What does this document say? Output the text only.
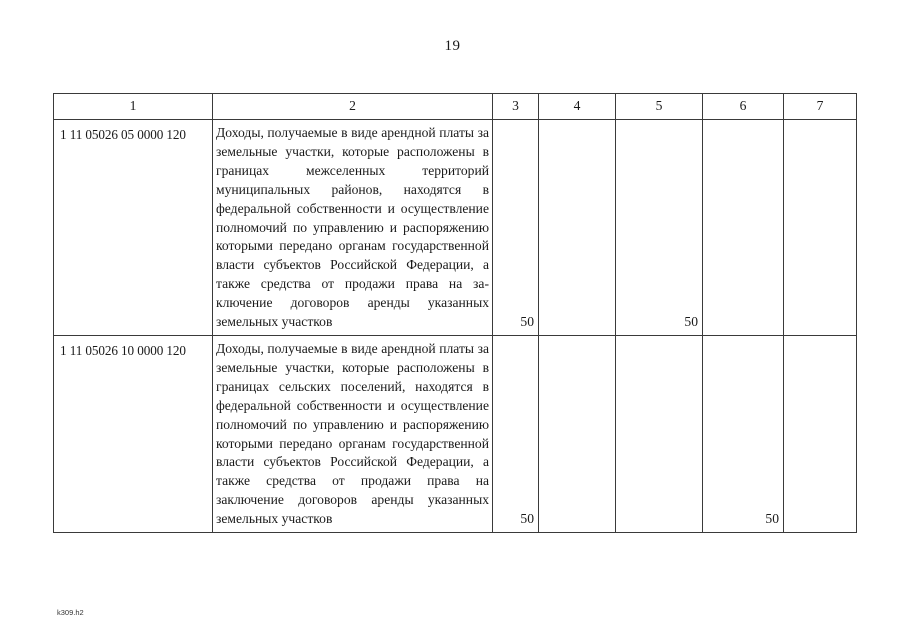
19
1	2	3	4	5	6	7
1 11 05026 05 0000 120	Доходы, получаемые в виде арендной платы за земельные участки, которые расположены в границах межселенных территорий муниципальных районов, находятся в федеральной собственности и осуществление полномочий по управлению и распоряжению которыми передано органам государственной власти субъектов Российской Федерации, а также средства от продажи права на заключение договоров аренды указанных земельных участков	50		50		
1 11 05026 10 0000 120	Доходы, получаемые в виде арендной платы за земельные участки, которые расположены в границах сельских поселений, находятся в федеральной собственности и осуществление полномочий по управлению и распоряжению которыми передано органам государственной власти субъектов Российской Федерации, а также средства от продажи права на заключение договоров аренды указанных земельных участков	50			50	
k309.h2
